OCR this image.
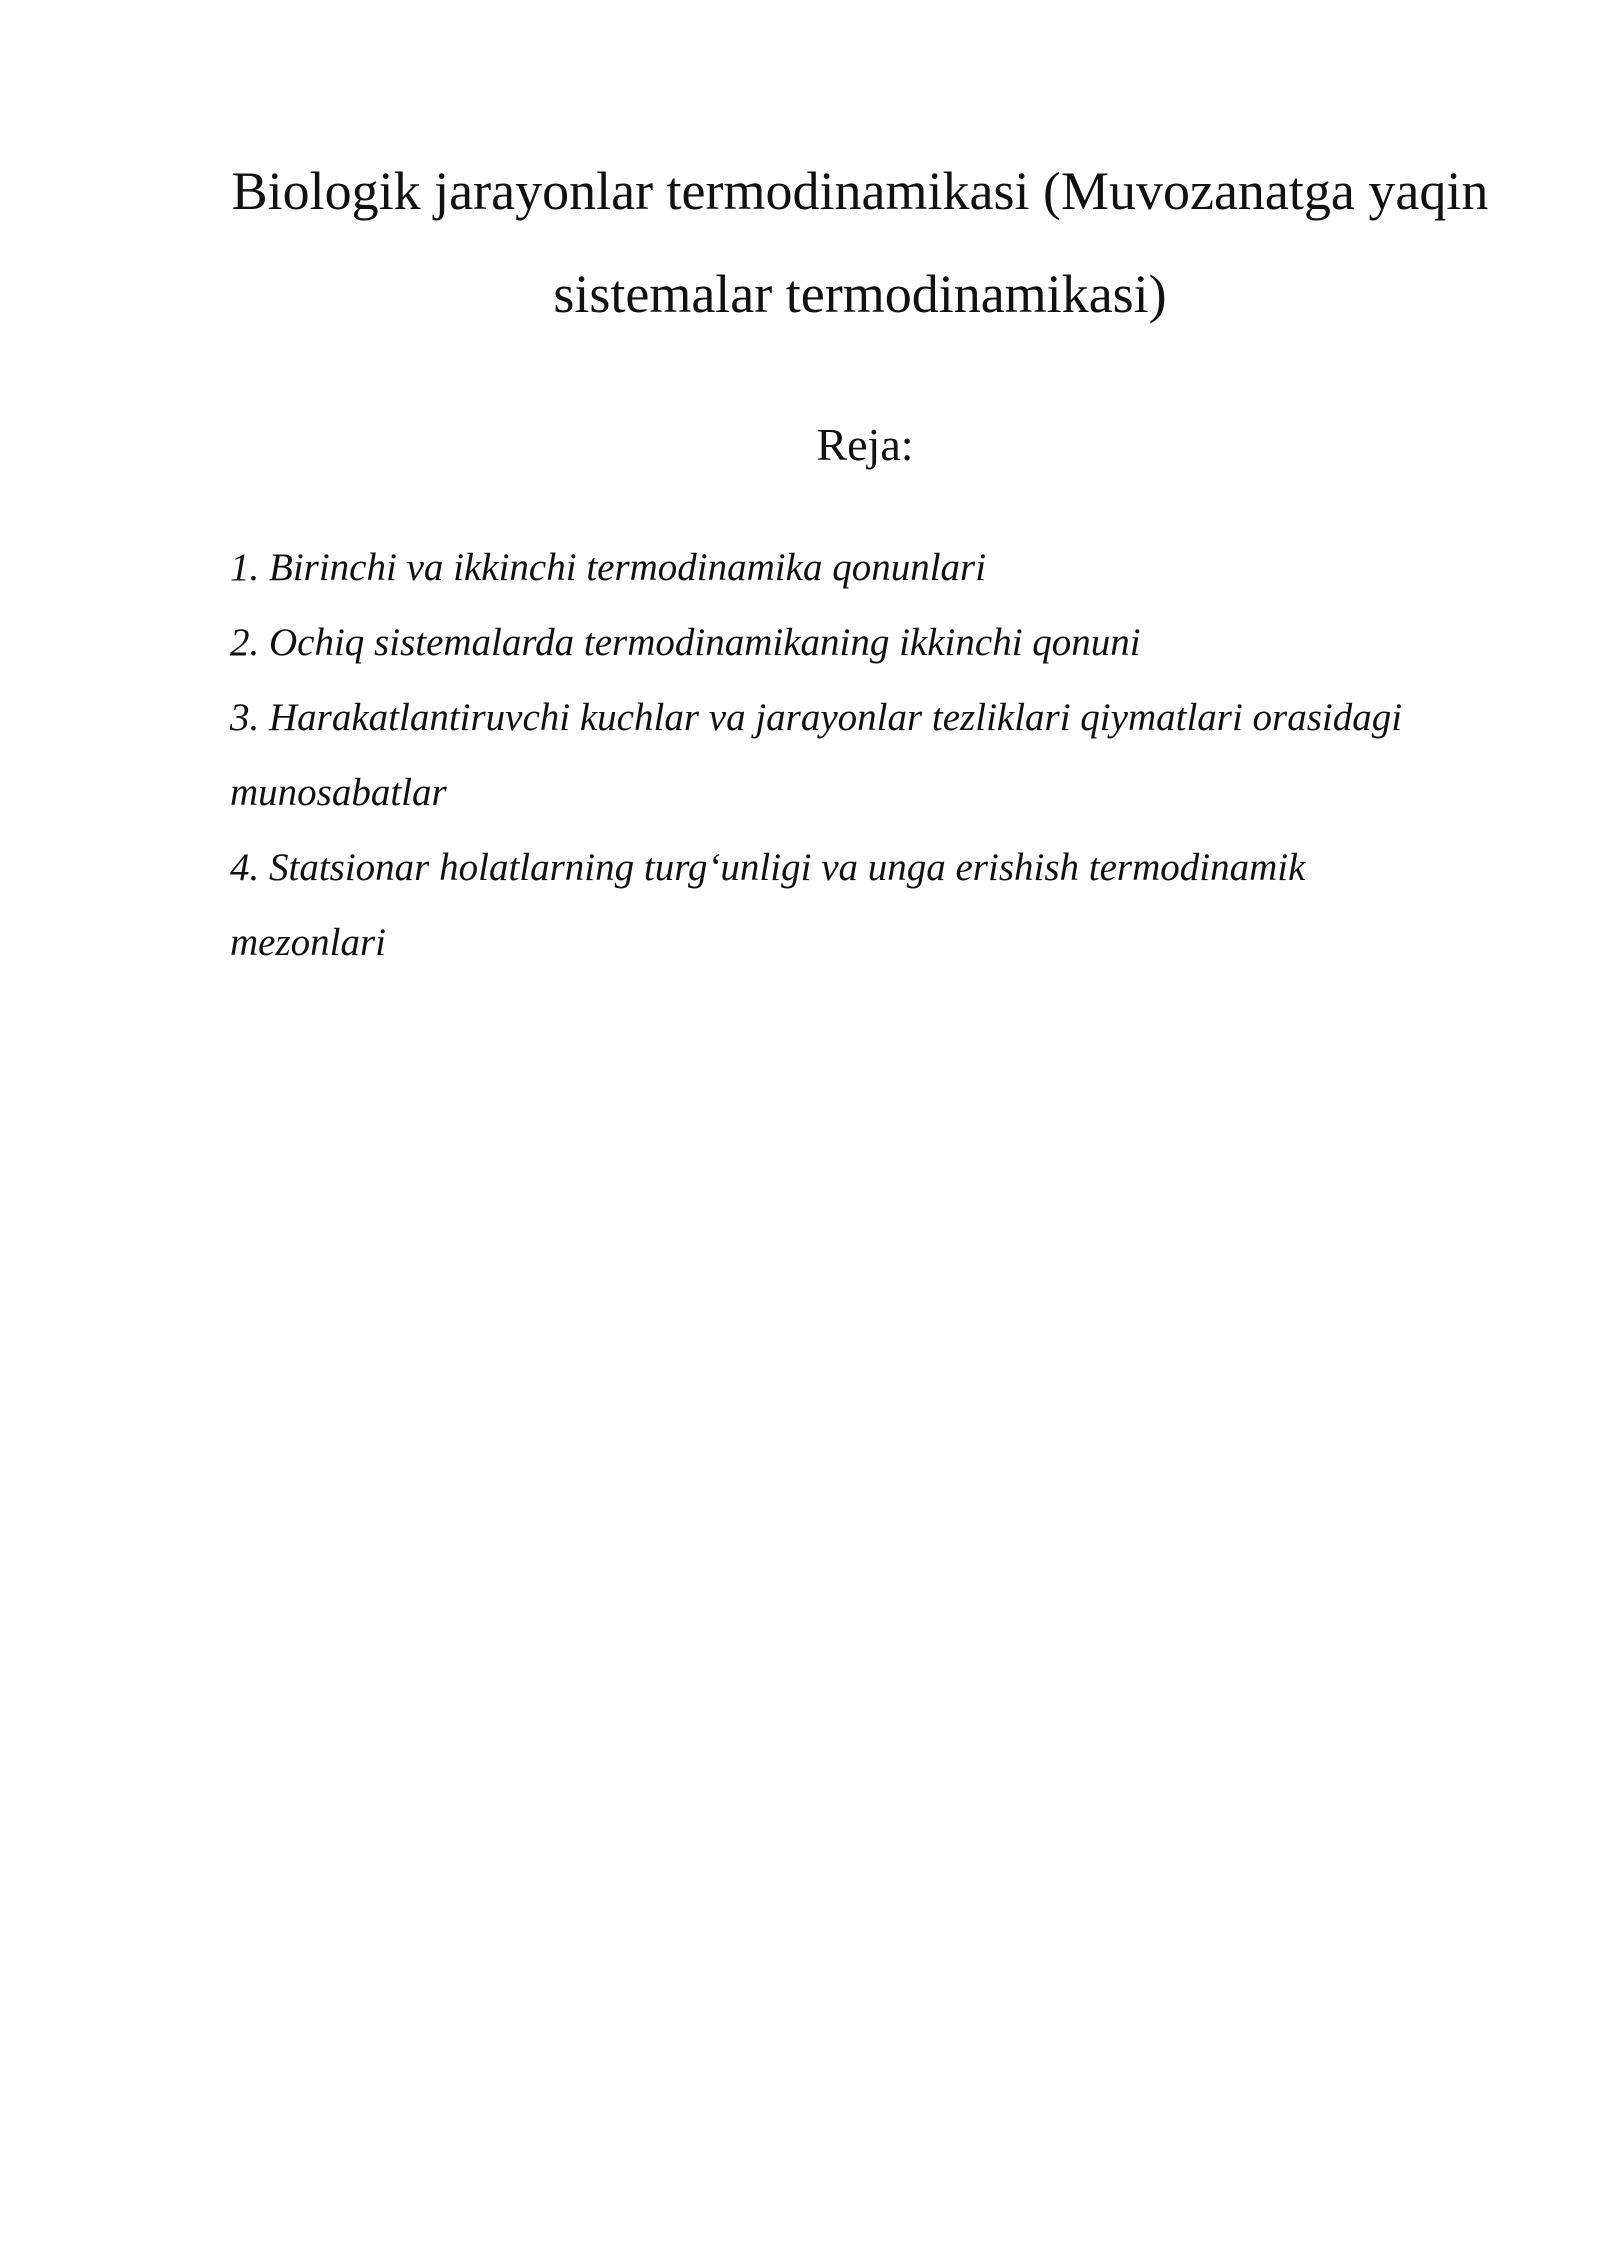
Biologik jarayonlar termodinamikasi (Muvozanatga yaqin sistemalar termodinamikasi)
Reja:
1. Birinchi va ikkinchi termodinamika qonunlari
2. Ochiq sistemalarda termodinamikaning ikkinchi qonuni
3. Harakatlantiruvchi kuchlar va jarayonlar tezliklari qiymatlari orasidagi munosabatlar
4. Statsionar holatlarning turg‘unligi va unga erishish termodinamik mezonlari
